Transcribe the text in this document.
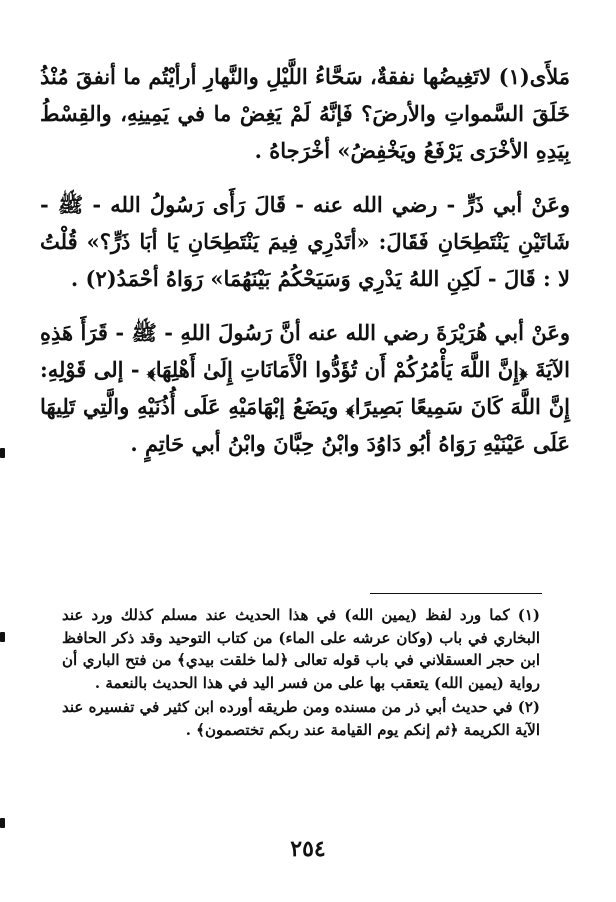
مَلأَى(١) لاتَغِيضُها نفقةٌ، سَحَّاءُ اللَّيْلِ والنَّهارِ أرأيْتُم ما أنفقَ مُنْذُ خَلَقَ السَّمواتِ والأرضَ؟ فَإنَّهُ لَمْ يَغِضْ ما في يَمِينِهِ، والقِسْطُ بِيَدِهِ الأخْرَى يَرْفَعُ ويَخْفِضُ» أخْرَجاهُ .

وعَنْ أبي ذَرٍّ - رضي الله عنه - قَالَ رَأَى رَسُولُ الله - ﷺ - شَاتَيْنِ يَنْتَطِحَانِ فَقَالَ: «أتَدْرِي فِيمَ يَنْتَطِحَانِ يَا أبَا ذَرٍّ؟» قُلْتُ لا : قَالَ - لَكِنِ اللهُ يَدْرِي وَسَيَحْكُمُ بَيْنَهُمَا» رَوَاهُ أحْمَدُ(٢) .

وعَنْ أبي هُرَيْرَةَ رضي الله عنه أنَّ رَسُولَ اللهِ - ﷺ - قَرَأَ هَذِهِ الآيَةَ ﴿إِنَّ اللَّهَ يَأْمُرُكُمْ أَن تُؤَدُّوا الْأَمَانَاتِ إِلَىٰ أَهْلِهَا﴾ - إلى قَوْلِهِ: إِنَّ اللَّهَ كَانَ سَمِيعًا بَصِيرًا﴾ ويَضَعُ إبْهَامَيْهِ عَلَى أُذُنَيْهِ والَّتِي تَلِيهَا عَلَى عَيْنَيْهِ رَوَاهُ أبُو دَاوُدَ وابْنُ حِبَّانَ وابْنُ أبي حَاتِمٍ .

(١) كما ورد لفظ (يمين الله) في هذا الحديث عند مسلم كذلك ورد عند البخاري في باب (وكان عرشه على الماء) من كتاب التوحيد وقد ذكر الحافظ ابن حجر العسقلاني في باب قوله تعالى ﴿لما خلقت بيدي﴾ من فتح الباري أن رواية (يمين الله) يتعقب بها على من فسر اليد في هذا الحديث بالنعمة .

(٢) في حديث أبي ذر من مسنده ومن طريقه أورده ابن كثير في تفسيره عند الآية الكريمة ﴿ثم إنكم يوم القيامة عند ربكم تختصمون﴾ .

٢٥٤
